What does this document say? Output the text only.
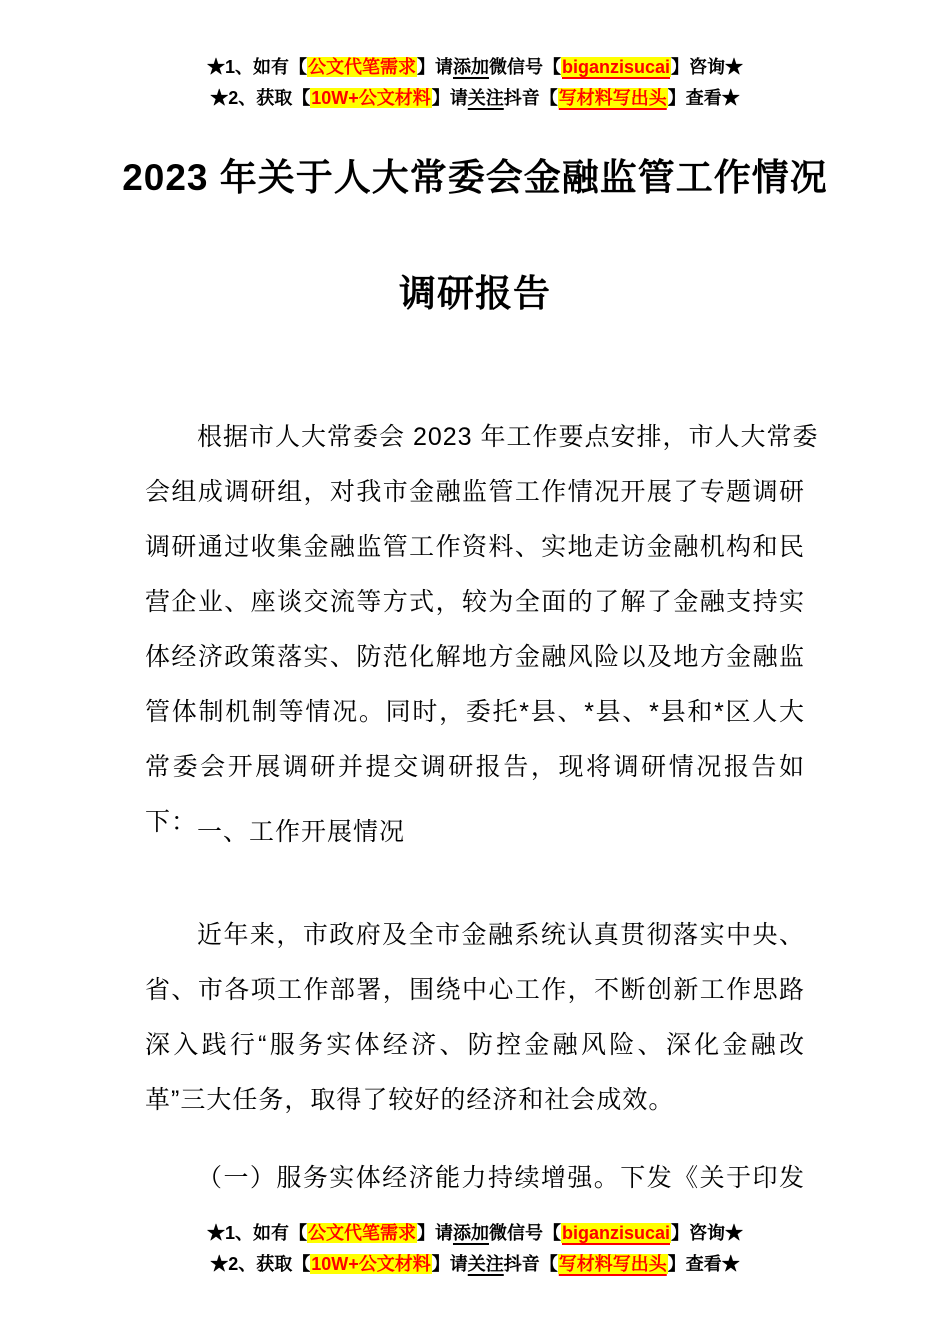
★1、如有【公文代笔需求】请添加微信号【biganzisucai】咨询★
★2、获取【10W+公文材料】请关注抖音【写材料写出头】查看★
2023 年关于人大常委会金融监管工作情况
调研报告
根据市人大常委会 2023 年工作要点安排，市人大常委
会组成调研组，对我市金融监管工作情况开展了专题调研
调研通过收集金融监管工作资料、实地走访金融机构和民
营企业、座谈交流等方式，较为全面的了解了金融支持实
体经济政策落实、防范化解地方金融风险以及地方金融监
管体制机制等情况。同时，委托*县、*县、*县和*区人大
常委会开展调研并提交调研报告，现将调研情况报告如下： 一、工作开展情况
近年来，市政府及全市金融系统认真贯彻落实中央、
省、市各项工作部署，围绕中心工作，不断创新工作思路
深入践行“服务实体经济、防控金融风险、深化金融改
革”三大任务，取得了较好的经济和社会成效。
（一）服务实体经济能力持续增强。下发《关于印发
★1、如有【公文代笔需求】请添加微信号【biganzisucai】咨询★
★2、获取【10W+公文材料】请关注抖音【写材料写出头】查看★
